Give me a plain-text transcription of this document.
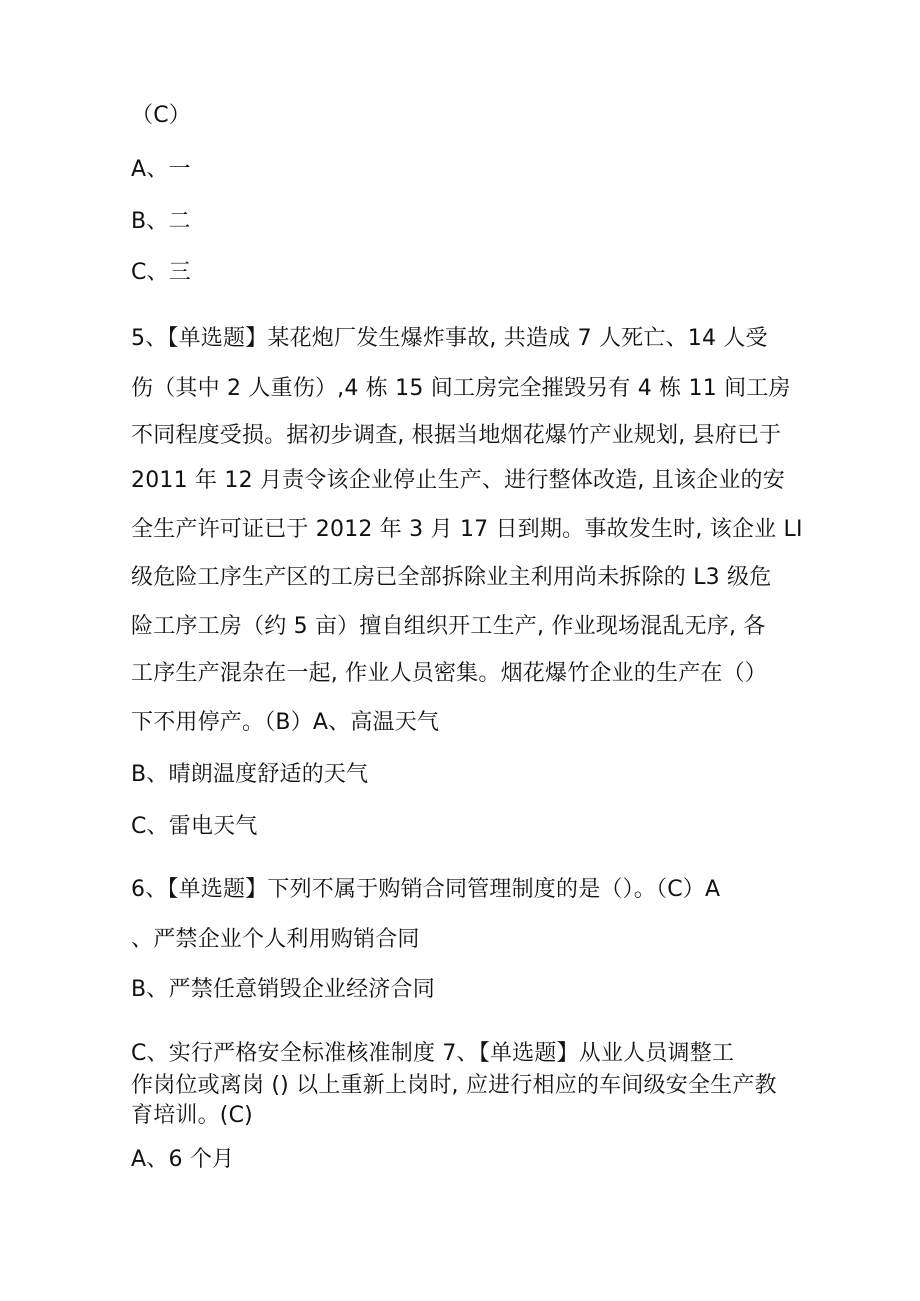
（C）
A、一
B、二
C、三
5、【单选题】某花炮厂发生爆炸事故, 共造成 7 人死亡、14 人受
伤（其中 2 人重伤）,4 栋 15 间工房完全摧毁另有 4 栋 11 间工房
不同程度受损。据初步调查, 根据当地烟花爆竹产业规划, 县府已于
2011 年 12 月责令该企业停止生产、进行整体改造, 且该企业的安
全生产许可证已于 2012 年 3 月 17 日到期。事故发生时, 该企业 LI
级危险工序生产区的工房已全部拆除业主利用尚未拆除的 L3 级危
险工序工房（约 5 亩）擅自组织开工生产, 作业现场混乱无序, 各
工序生产混杂在一起, 作业人员密集。烟花爆竹企业的生产在（）
下不用停产。（B）A、高温天气
B、晴朗温度舒适的天气
C、雷电天气
6、【单选题】下列不属于购销合同管理制度的是（）。（C）A
、严禁企业个人利用购销合同
B、严禁任意销毁企业经济合同
C、实行严格安全标准核准制度 7、【单选题】从业人员调整工
作岗位或离岗 () 以上重新上岗时, 应进行相应的车间级安全生产教
育培训。(C)
A、6 个月
